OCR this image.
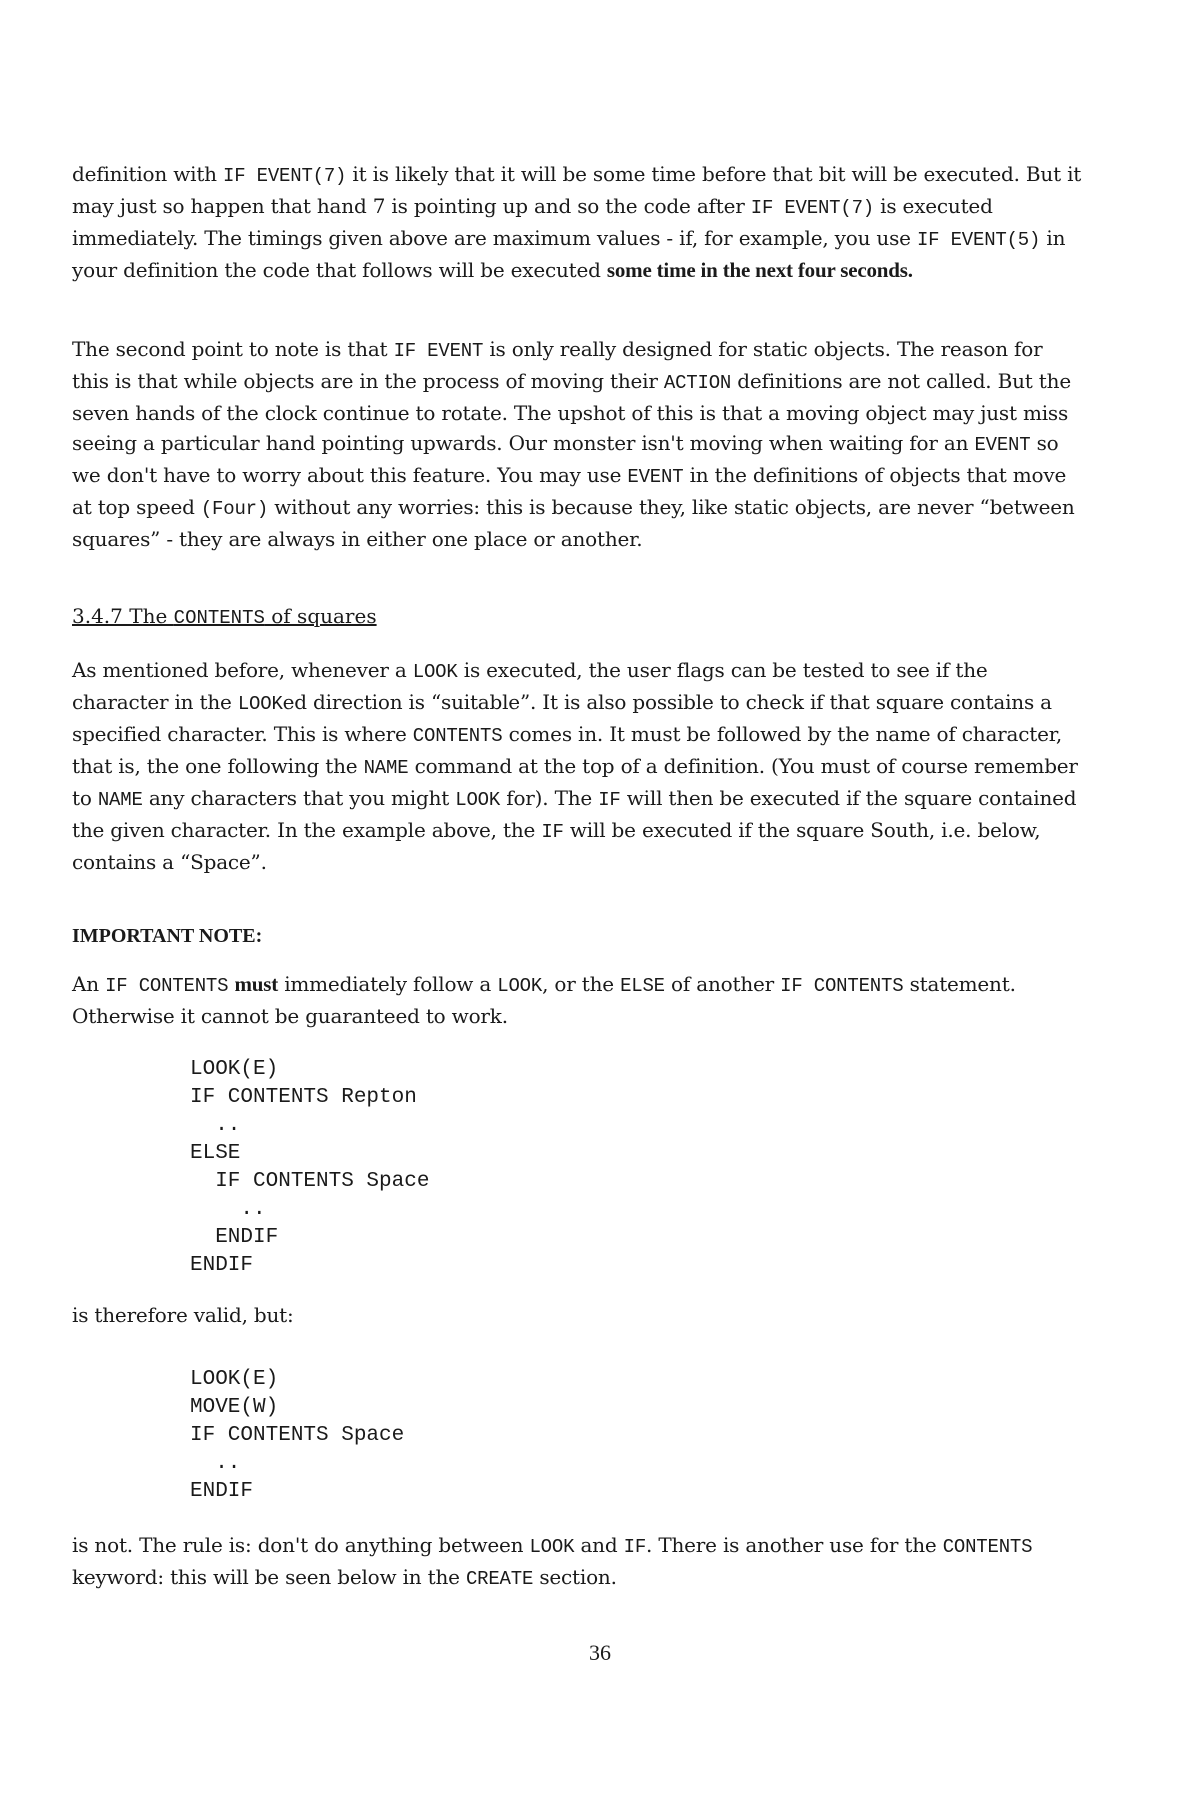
definition with IF EVENT(7) it is likely that it will be some time before that bit will be executed. But it may just so happen that hand 7 is pointing up and so the code after IF EVENT(7) is executed immediately. The timings given above are maximum values - if, for example, you use IF EVENT(5) in your definition the code that follows will be executed some time in the next four seconds.

The second point to note is that IF EVENT is only really designed for static objects. The reason for this is that while objects are in the process of moving their ACTION definitions are not called. But the seven hands of the clock continue to rotate. The upshot of this is that a moving object may just miss seeing a particular hand pointing upwards. Our monster isn't moving when waiting for an EVENT so we don't have to worry about this feature. You may use EVENT in the definitions of objects that move at top speed (Four) without any worries: this is because they, like static objects, are never “between squares” - they are always in either one place or another.

3.4.7 The CONTENTS of squares

As mentioned before, whenever a LOOK is executed, the user flags can be tested to see if the character in the LOOKed direction is “suitable”. It is also possible to check if that square contains a specified character. This is where CONTENTS comes in. It must be followed by the name of character, that is, the one following the NAME command at the top of a definition. (You must of course remember to NAME any characters that you might LOOK for). The IF will then be executed if the square contained the given character. In the example above, the IF will be executed if the square South, i.e. below, contains a “Space”.

IMPORTANT NOTE:

An IF CONTENTS must immediately follow a LOOK, or the ELSE of another IF CONTENTS statement. Otherwise it cannot be guaranteed to work.

LOOK(E)
IF CONTENTS Repton
..
ELSE
IF CONTENTS Space
..
ENDIF
ENDIF

is therefore valid, but:

LOOK(E)
MOVE(W)
IF CONTENTS Space
..
ENDIF

is not. The rule is: don't do anything between LOOK and IF. There is another use for the CONTENTS keyword: this will be seen below in the CREATE section.

36
